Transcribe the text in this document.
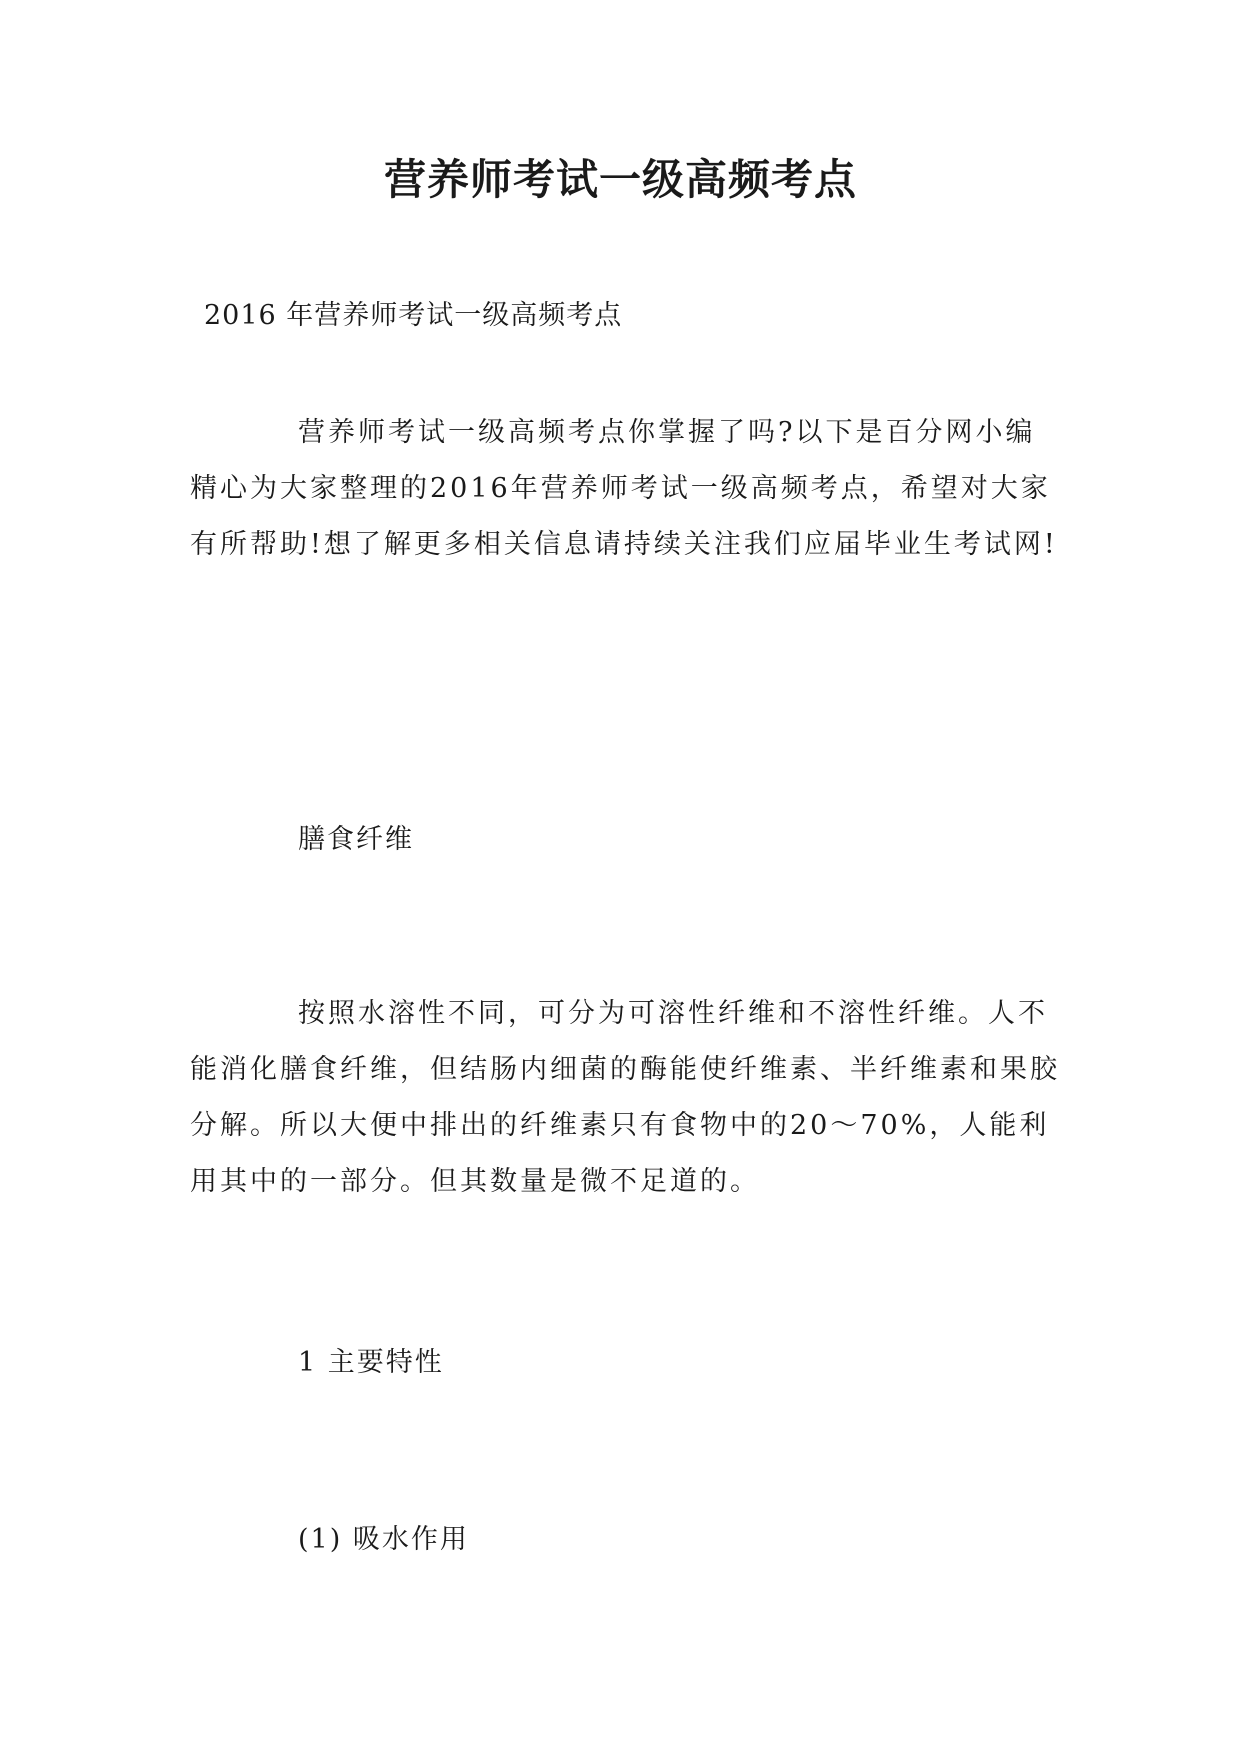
营养师考试一级高频考点
2016 年营养师考试一级高频考点

营养师考试一级高频考点你掌握了吗?以下是百分网小编精心为大家整理的2016年营养师考试一级高频考点，希望对大家有所帮助!想了解更多相关信息请持续关注我们应届毕业生考试网!

膳食纤维

按照水溶性不同，可分为可溶性纤维和不溶性纤维。人不能消化膳食纤维，但结肠内细菌的酶能使纤维素、半纤维素和果胶分解。所以大便中排出的纤维素只有食物中的20～70%，人能利用其中的一部分。但其数量是微不足道的。

1 主要特性
(1) 吸水作用
